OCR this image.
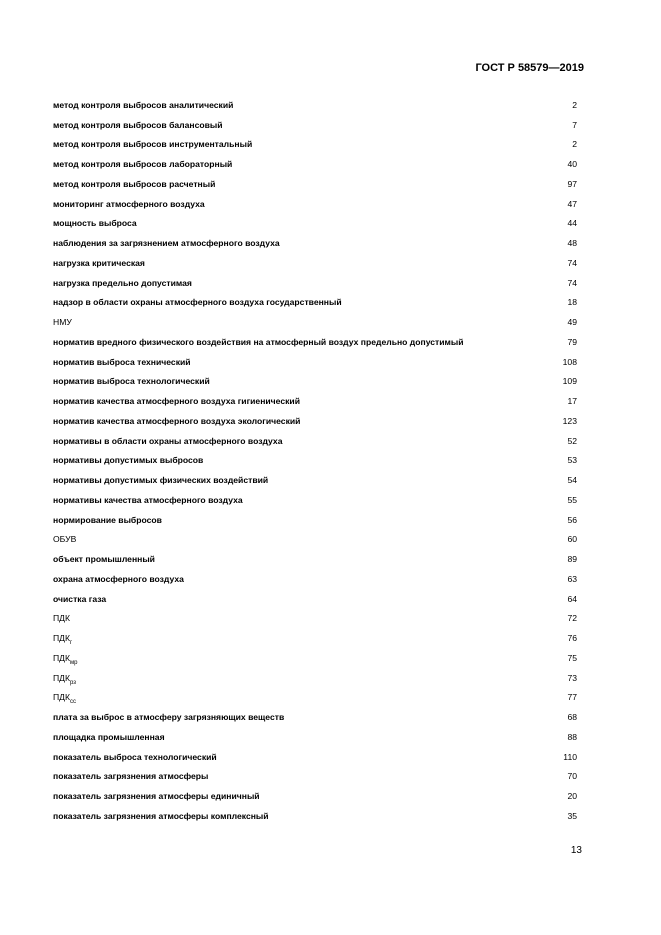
ГОСТ Р 58579—2019
метод контроля выбросов аналитический	2
метод контроля выбросов балансовый	7
метод контроля выбросов инструментальный	2
метод контроля выбросов лабораторный	40
метод контроля выбросов расчетный	97
мониторинг атмосферного воздуха	47
мощность выброса	44
наблюдения за загрязнением атмосферного воздуха	48
нагрузка критическая	74
нагрузка предельно допустимая	74
надзор в области охраны атмосферного воздуха государственный	18
НМУ	49
норматив вредного физического воздействия на атмосферный воздух предельно допустимый	79
норматив выброса технический	108
норматив выброса технологический	109
норматив качества атмосферного воздуха гигиенический	17
норматив качества атмосферного воздуха экологический	123
нормативы в области охраны атмосферного воздуха	52
нормативы допустимых выбросов	53
нормативы допустимых физических воздействий	54
нормативы качества атмосферного воздуха	55
нормирование выбросов	56
ОБУВ	60
объект промышленный	89
охрана атмосферного воздуха	63
очистка газа	64
ПДК	72
$ПДК_г$	76
$ПДК_{мр}$	75
$ПДК_{рз}$	73
$ПДК_{сс}$	77
плата за выброс в атмосферу загрязняющих веществ	68
площадка промышленная	88
показатель выброса технологический	110
показатель загрязнения атмосферы	70
показатель загрязнения атмосферы единичный	20
показатель загрязнения атмосферы комплексный	35
13
